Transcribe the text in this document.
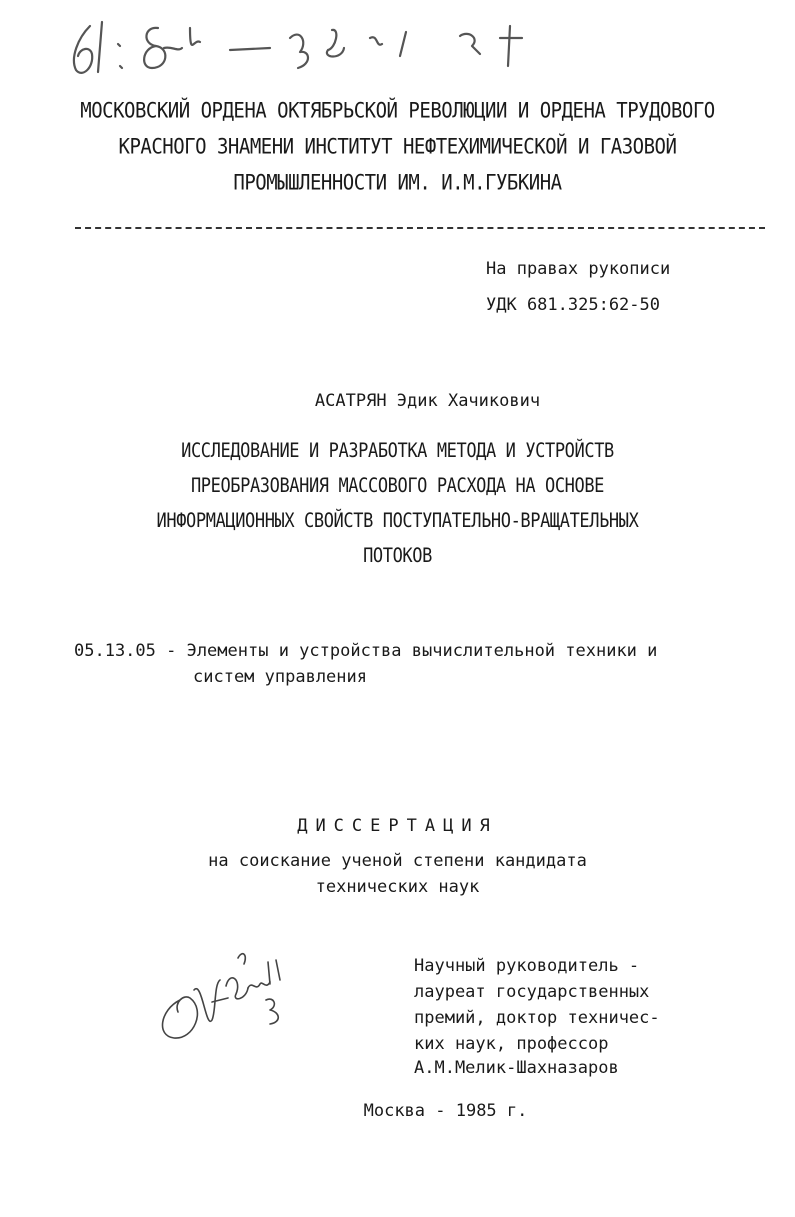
МОСКОВСКИЙ ОРДЕНА ОКТЯБРЬСКОЙ РЕВОЛЮЦИИ И ОРДЕНА ТРУДОВОГО
КРАСНОГО ЗНАМЕНИ ИНСТИТУТ НЕФТЕХИМИЧЕСКОЙ И ГАЗОВОЙ
ПРОМЫШЛЕННОСТИ ИМ. И.М.ГУБКИНА
На правах рукописи
УДК 681.325:62-50
АСАТРЯН Эдик Хачикович
ИССЛЕДОВАНИЕ И РАЗРАБОТКА МЕТОДА И УСТРОЙСТВ
ПРЕОБРАЗОВАНИЯ МАССОВОГО РАСХОДА НА ОСНОВЕ
ИНФОРМАЦИОННЫХ СВОЙСТВ ПОСТУПАТЕЛЬНО-ВРАЩАТЕЛЬНЫХ
ПОТОКОВ
05.13.05 - Элементы и устройства вычислительной техники и
систем управления
ДИССЕРТАЦИЯ
на соискание ученой степени кандидата
технических наук
Научный руководитель -
лауреат государственных
премий, доктор техничес-
ких наук, профессор
А.М.Мелик-Шахназаров
Москва - 1985 г.
